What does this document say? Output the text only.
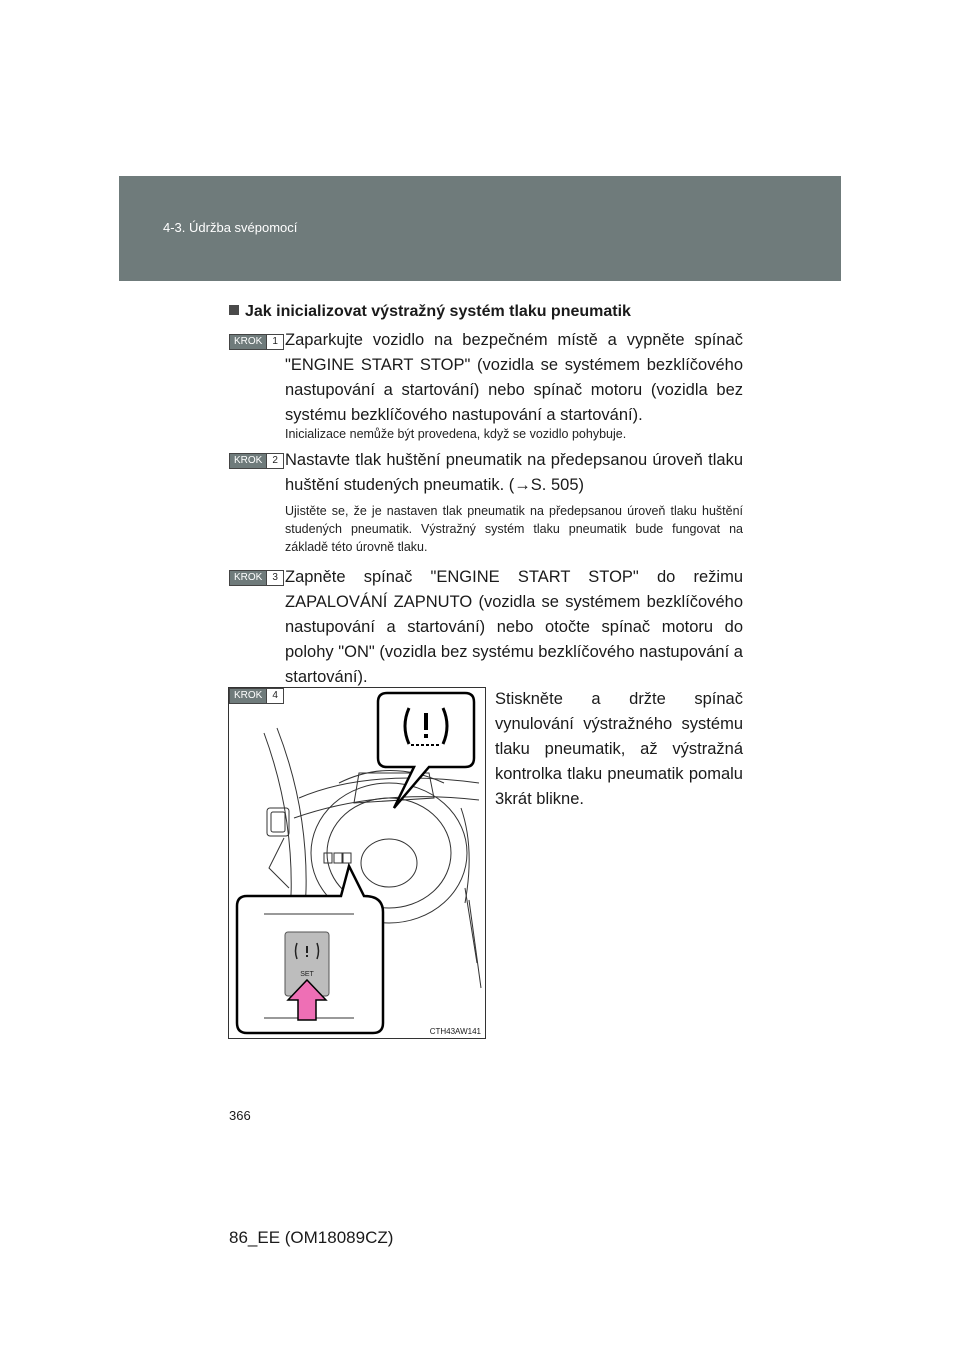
4-3. Údržba svépomocí
Jak inicializovat výstražný systém tlaku pneumatik
KROK	1 Zaparkujte vozidlo na bezpečném místě a vypněte spínač "ENGINE START STOP" (vozidla se systémem bezklíčového nastupování a startování) nebo spínač motoru (vozidla bez systému bezklíčového nastupování a startování).
Inicializace nemůže být provedena, když se vozidlo pohybuje.
KROK	2 Nastavte tlak huštění pneumatik na předepsanou úroveň tlaku huštění studených pneumatik. (→S. 505)
Ujistěte se, že je nastaven tlak pneumatik na předepsanou úroveň tlaku huštění studených pneumatik. Výstražný systém tlaku pneumatik bude fungovat na základě této úrovně tlaku.
KROK	3 Zapněte spínač "ENGINE START STOP" do režimu ZAPALOVÁNÍ ZAPNUTO (vozidla se systémem bezklíčového nastupování a startování) nebo otočte spínač motoru do polohy "ON" (vozidla bez systému bezklíčového nastupování a startování).
KROK	4
SET
CTH43AW141
Stiskněte a držte spínač vynulování výstražného systému tlaku pneumatik, až výstražná kontrolka tlaku pneumatik pomalu 3krát blikne.
366
86_EE (OM18089CZ)
